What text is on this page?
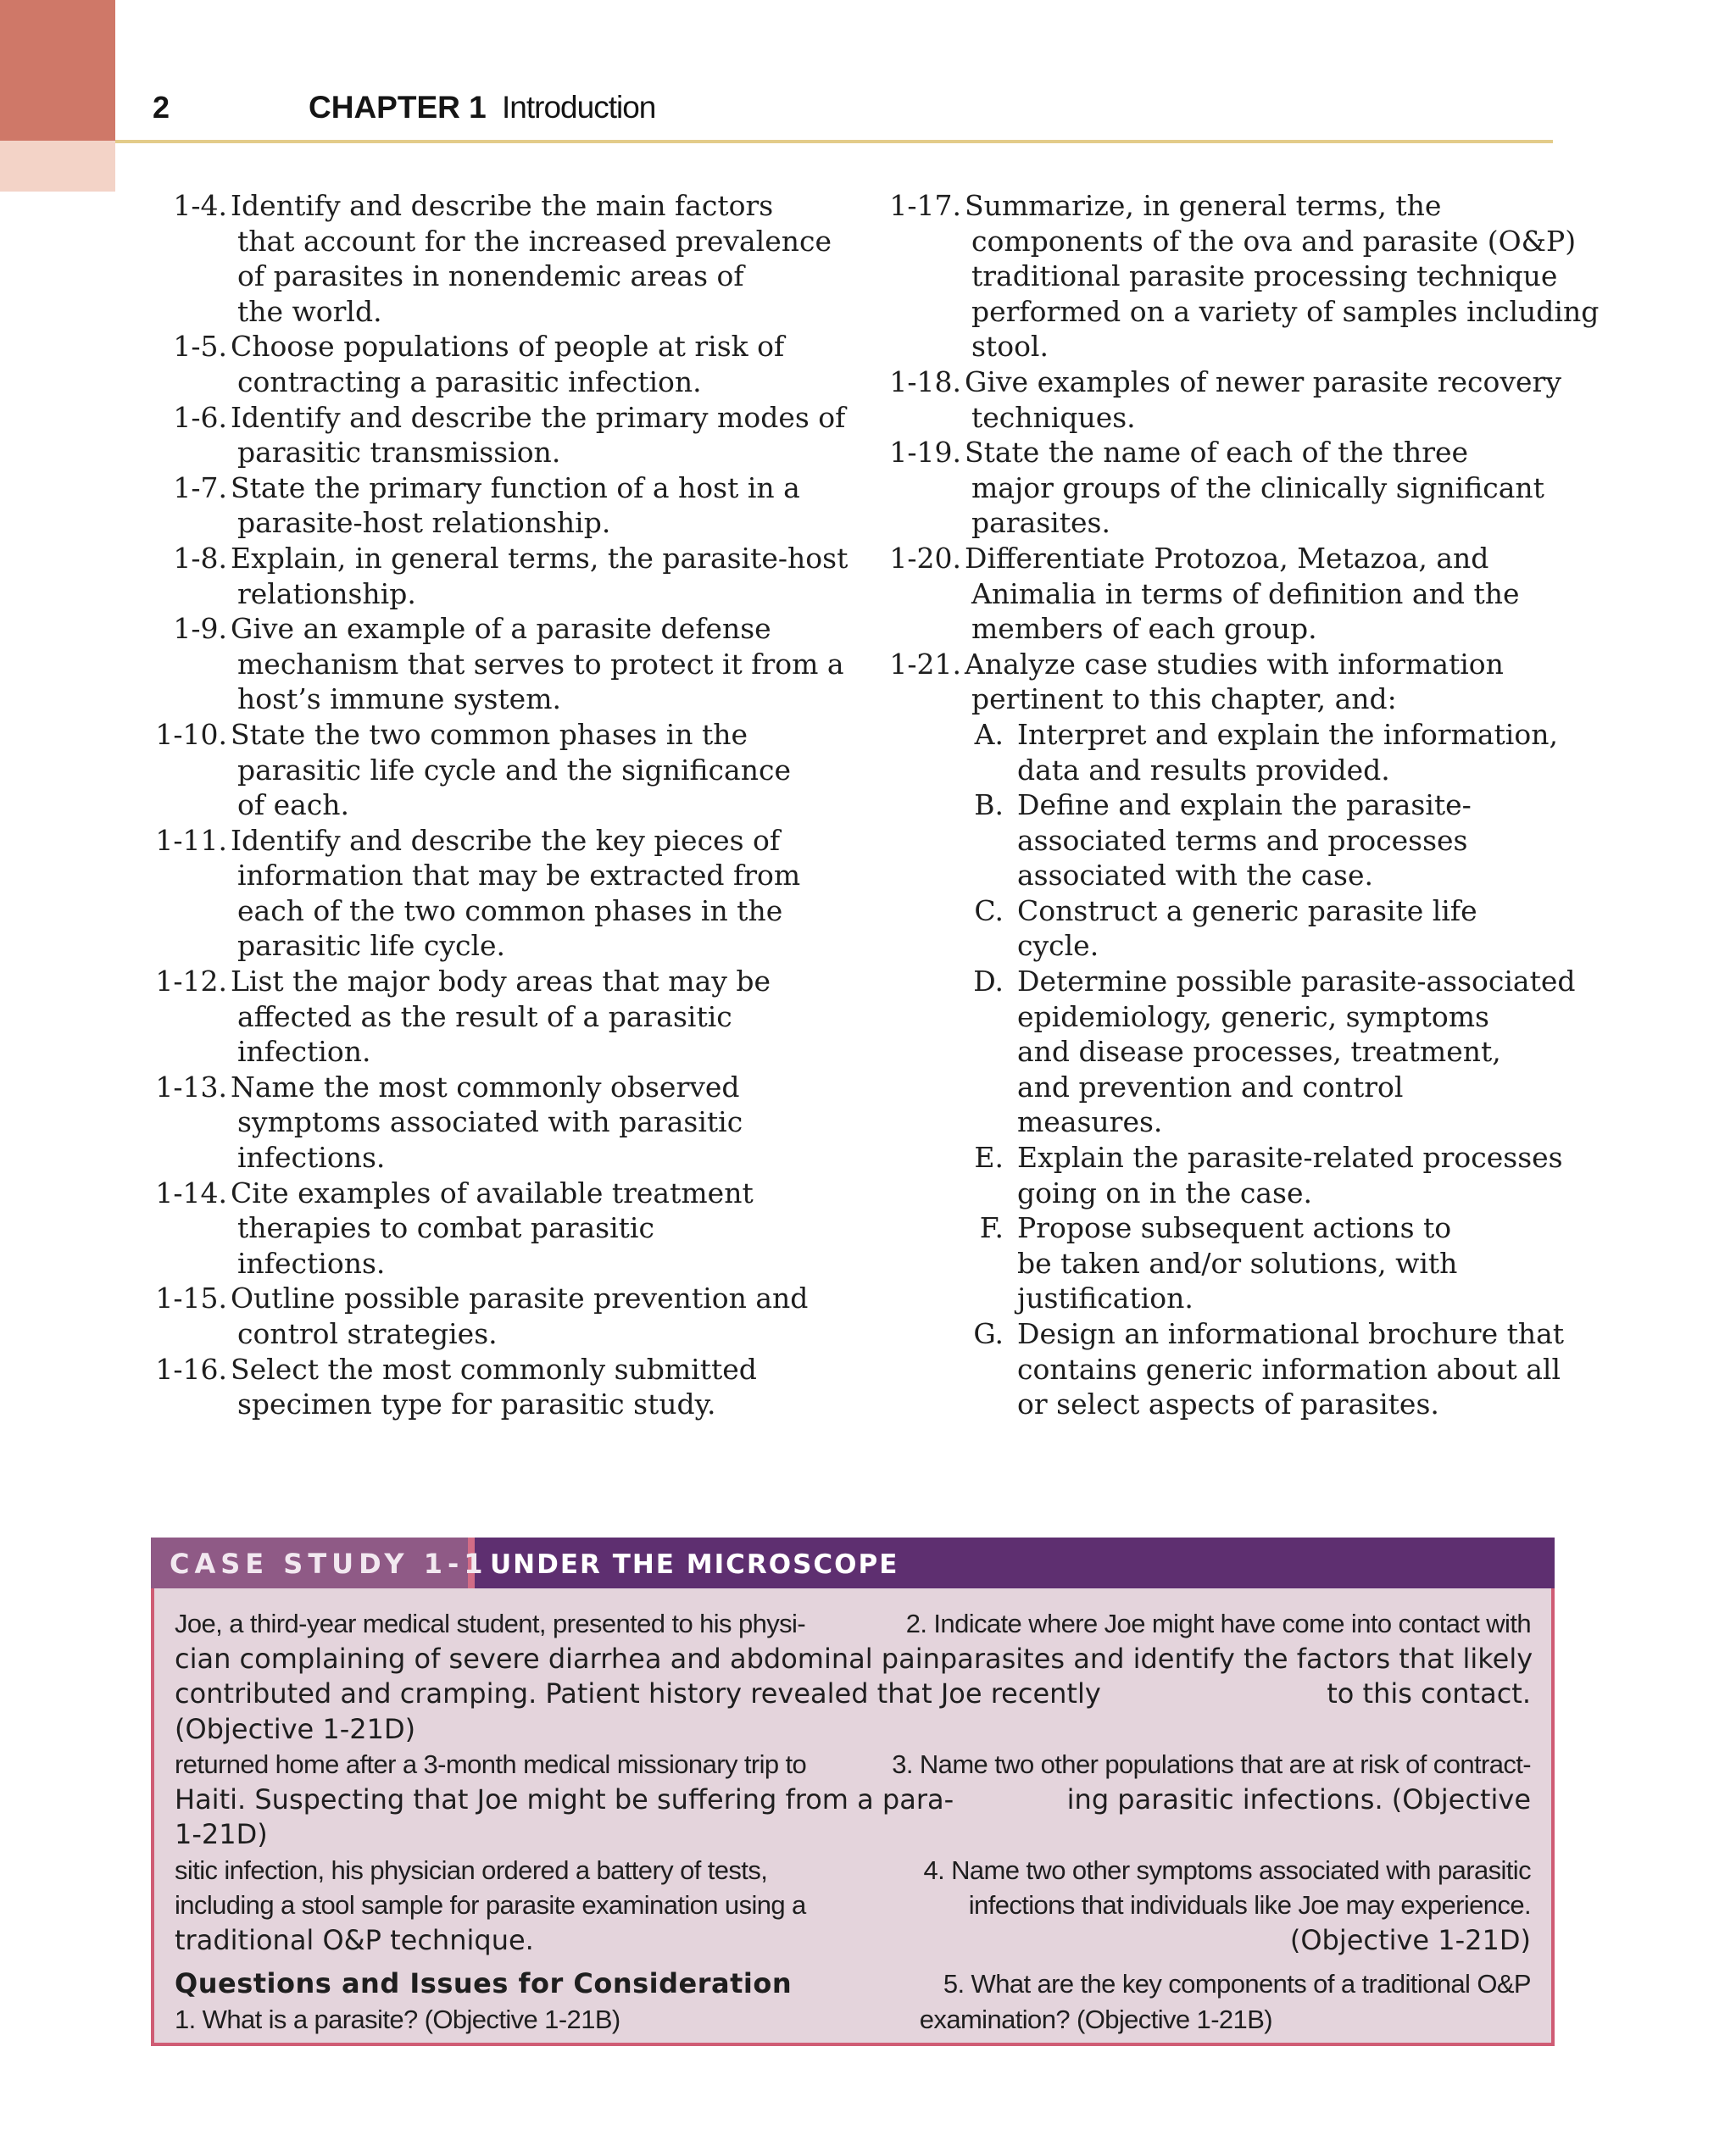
2	CHAPTER 1 Introduction
1-4. Identify and describe the main factors
that account for the increased prevalence
of parasites in nonendemic areas of
the world.
1-5. Choose populations of people at risk of
contracting a parasitic infection.
1-6. Identify and describe the primary modes of
parasitic transmission.
1-7. State the primary function of a host in a
parasite-host relationship.
1-8. Explain, in general terms, the parasite-host
relationship.
1-9. Give an example of a parasite defense
mechanism that serves to protect it from a
host’s immune system.
1-10. State the two common phases in the
parasitic life cycle and the significance
of each.
1-11. Identify and describe the key pieces of
information that may be extracted from
each of the two common phases in the
parasitic life cycle.
1-12. List the major body areas that may be
affected as the result of a parasitic
infection.
1-13. Name the most commonly observed
symptoms associated with parasitic
infections.
1-14. Cite examples of available treatment
therapies to combat parasitic
infections.
1-15. Outline possible parasite prevention and
control strategies.
1-16. Select the most commonly submitted
specimen type for parasitic study.
1-17. Summarize, in general terms, the
components of the ova and parasite (O&P)
traditional parasite processing technique
performed on a variety of samples including
stool.
1-18. Give examples of newer parasite recovery
techniques.
1-19. State the name of each of the three
major groups of the clinically significant
parasites.
1-20. Differentiate Protozoa, Metazoa, and
Animalia in terms of definition and the
members of each group.
1-21. Analyze case studies with information
pertinent to this chapter, and:
A. Interpret and explain the information,
data and results provided.
B. Define and explain the parasite-
associated terms and processes
associated with the case.
C. Construct a generic parasite life
cycle.
D. Determine possible parasite-associated
epidemiology, generic, symptoms
and disease processes, treatment,
and prevention and control
measures.
E. Explain the parasite-related processes
going on in the case.
F. Propose subsequent actions to
be taken and/or solutions, with
justification.
G. Design an informational brochure that
contains generic information about all
or select aspects of parasites.
CASE STUDY 1-1 UNDER THE MICROSCOPE
Joe, a third-year medical student, presented to his physi-	2. Indicate where Joe might have come into contact with
cian complaining of severe diarrhea and abdominal pain parasites and identify the factors that likely
contributed and cramping. Patient history revealed that Joe recently	to this contact.
(Objective 1-21D)
returned home after a 3-month medical missionary trip to	3. Name two other populations that are at risk of contract-
Haiti. Suspecting that Joe might be suffering from a para-	ing parasitic infections. (Objective
1-21D)
sitic infection, his physician ordered a battery of tests,	4. Name two other symptoms associated with parasitic
including a stool sample for parasite examination using a	infections that individuals like Joe may experience.
traditional O&P technique.	(Objective 1-21D)
Questions and Issues for Consideration	5. What are the key components of a traditional O&P
1. What is a parasite? (Objective 1-21B)	examination? (Objective 1-21B)
